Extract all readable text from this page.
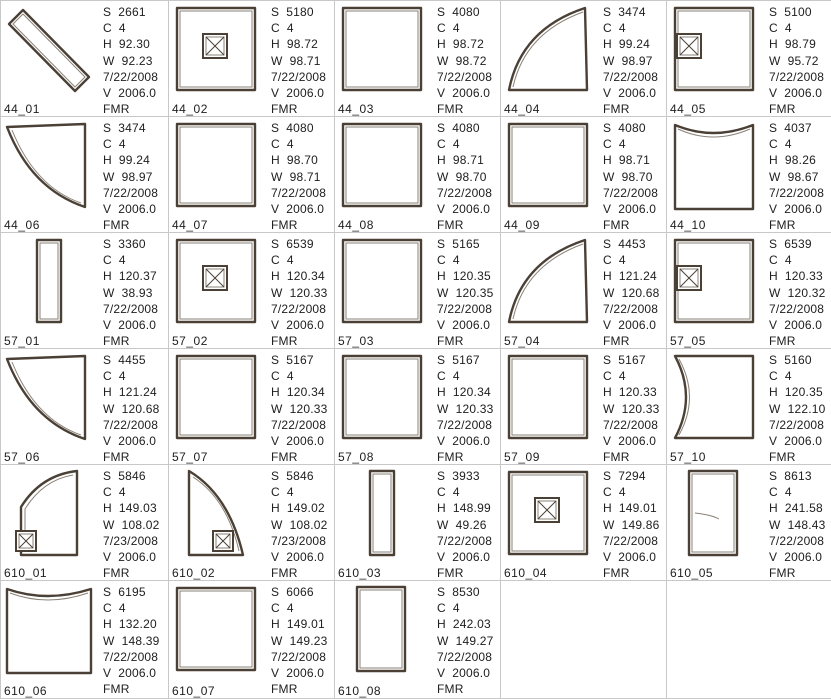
S  2661
C  4
H  92.30
W  92.23
7/22/2008
V  2006.0
FMR
44_01
S  5180
C  4
H  98.72
W  98.71
7/22/2008
V  2006.0
FMR
44_02
S  4080
C  4
H  98.72
W  98.72
7/22/2008
V  2006.0
FMR
44_03
S  3474
C  4
H  99.24
W  98.97
7/22/2008
V  2006.0
FMR
44_04
S  5100
C  4
H  98.79
W  95.72
7/22/2008
V  2006.0
FMR
44_05
S  3474
C  4
H  99.24
W  98.97
7/22/2008
V  2006.0
FMR
44_06
S  4080
C  4
H  98.70
W  98.71
7/22/2008
V  2006.0
FMR
44_07
S  4080
C  4
H  98.71
W  98.70
7/22/2008
V  2006.0
FMR
44_08
S  4080
C  4
H  98.71
W  98.70
7/22/2008
V  2006.0
FMR
44_09
S  4037
C  4
H  98.26
W  98.67
7/22/2008
V  2006.0
FMR
44_10
S  3360
C  4
H  120.37
W  38.93
7/22/2008
V  2006.0
FMR
57_01
S  6539
C  4
H  120.34
W  120.33
7/22/2008
V  2006.0
FMR
57_02
S  5165
C  4
H  120.35
W  120.35
7/22/2008
V  2006.0
FMR
57_03
S  4453
C  4
H  121.24
W  120.68
7/22/2008
V  2006.0
FMR
57_04
S  6539
C  4
H  120.33
W  120.32
7/22/2008
V  2006.0
FMR
57_05
S  4455
C  4
H  121.24
W  120.68
7/22/2008
V  2006.0
FMR
57_06
S  5167
C  4
H  120.34
W  120.33
7/22/2008
V  2006.0
FMR
57_07
S  5167
C  4
H  120.34
W  120.33
7/22/2008
V  2006.0
FMR
57_08
S  5167
C  4
H  120.33
W  120.33
7/22/2008
V  2006.0
FMR
57_09
S  5160
C  4
H  120.35
W  122.10
7/22/2008
V  2006.0
FMR
57_10
S  5846
C  4
H  149.03
W  108.02
7/23/2008
V  2006.0
FMR
610_01
S  5846
C  4
H  149.02
W  108.02
7/23/2008
V  2006.0
FMR
610_02
S  3933
C  4
H  148.99
W  49.26
7/22/2008
V  2006.0
FMR
610_03
S  7294
C  4
H  149.01
W  149.86
7/22/2008
V  2006.0
FMR
610_04
S  8613
C  4
H  241.58
W  148.43
7/22/2008
V  2006.0
FMR
610_05
S  6195
C  4
H  132.20
W  148.39
7/22/2008
V  2006.0
FMR
610_06
S  6066
C  4
H  149.01
W  149.23
7/22/2008
V  2006.0
FMR
610_07
S  8530
C  4
H  242.03
W  149.27
7/22/2008
V  2006.0
FMR
610_08
